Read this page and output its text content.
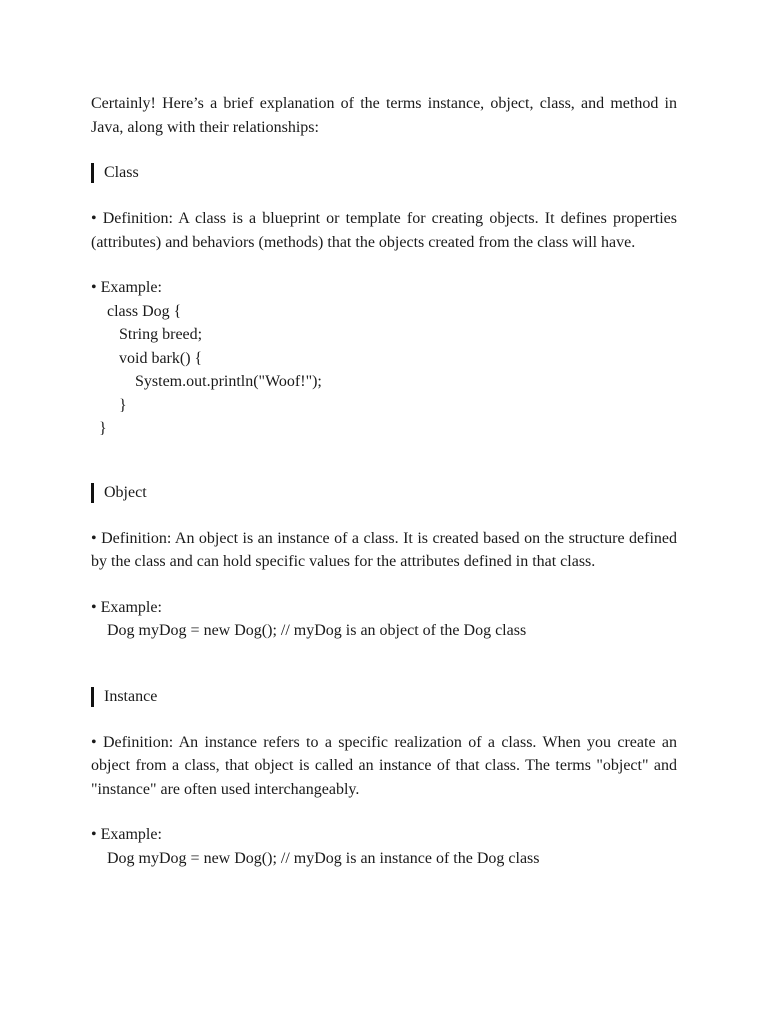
Certainly! Here’s a brief explanation of the terms instance, object, class, and method in Java, along with their relationships:

Class

• Definition: A class is a blueprint or template for creating objects. It defines properties (attributes) and behaviors (methods) that the objects created from the class will have.

• Example:

class Dog {
String breed;
void bark() {
System.out.println("Woof!");
}
}
Object

• Definition: An object is an instance of a class. It is created based on the structure defined by the class and can hold specific values for the attributes defined in that class.

• Example:

Dog myDog = new Dog(); // myDog is an object of the Dog class
Instance

• Definition: An instance refers to a specific realization of a class. When you create an object from a class, that object is called an instance of that class. The terms "object" and "instance" are often used interchangeably.

• Example:

Dog myDog = new Dog(); // myDog is an instance of the Dog class
